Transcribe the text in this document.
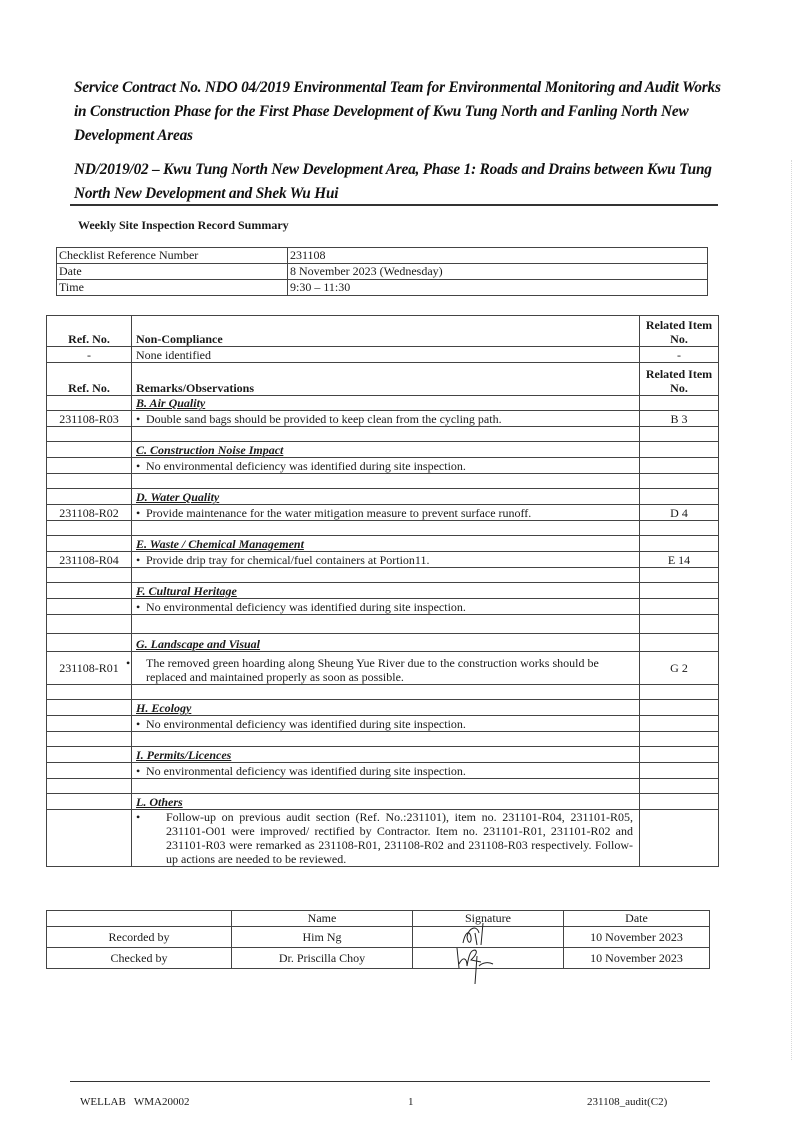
Service Contract No. NDO 04/2019 Environmental Team for Environmental Monitoring and Audit Works in Construction Phase for the First Phase Development of Kwu Tung North and Fanling North New Development Areas

ND/2019/02 – Kwu Tung North New Development Area, Phase 1: Roads and Drains between Kwu Tung North New Development and Shek Wu Hui

Weekly Site Inspection Record Summary
Checklist Reference Number	231108
Date	8 November 2023 (Wednesday)
Time	9:30 – 11:30
Ref. No.	Non-Compliance	Related Item No.
-	None identified	-
Ref. No.	Remarks/Observations	Related Item No.
	B. Air Quality	
231108-R03	• Double sand bags should be provided to keep clean from the cycling path.	B 3

	C. Construction Noise Impact	
	• No environmental deficiency was identified during site inspection.	

	D. Water Quality	
231108-R02	• Provide maintenance for the water mitigation measure to prevent surface runoff.	D 4

	E. Waste / Chemical Management	
231108-R04	• Provide drip tray for chemical/fuel containers at Portion11.	E 14

	F. Cultural Heritage	
	• No environmental deficiency was identified during site inspection.	

	G. Landscape and Visual	
231108-R01	• The removed green hoarding along Sheung Yue River due to the construction works should be replaced and maintained properly as soon as possible.	G 2

	H. Ecology	
	• No environmental deficiency was identified during site inspection.	

	I. Permits/Licences	
	• No environmental deficiency was identified during site inspection.	

	L. Others	

	• Follow-up on previous audit section (Ref. No.:231101), item no. 231101-R04, 231101-R05, 231101-O01 were improved/ rectified by Contractor. Item no. 231101-R01, 231101-R02 and 231101-R03 were remarked as 231108-R01, 231108-R02 and 231108-R03 respectively. Follow-up actions are needed to be reviewed.	

	Name	Signature	Date
Recorded by	Him Ng		10 November 2023
Checked by	Dr. Priscilla Choy		10 November 2023
WELLAB   WMA20002	1	231108_audit(C2)
